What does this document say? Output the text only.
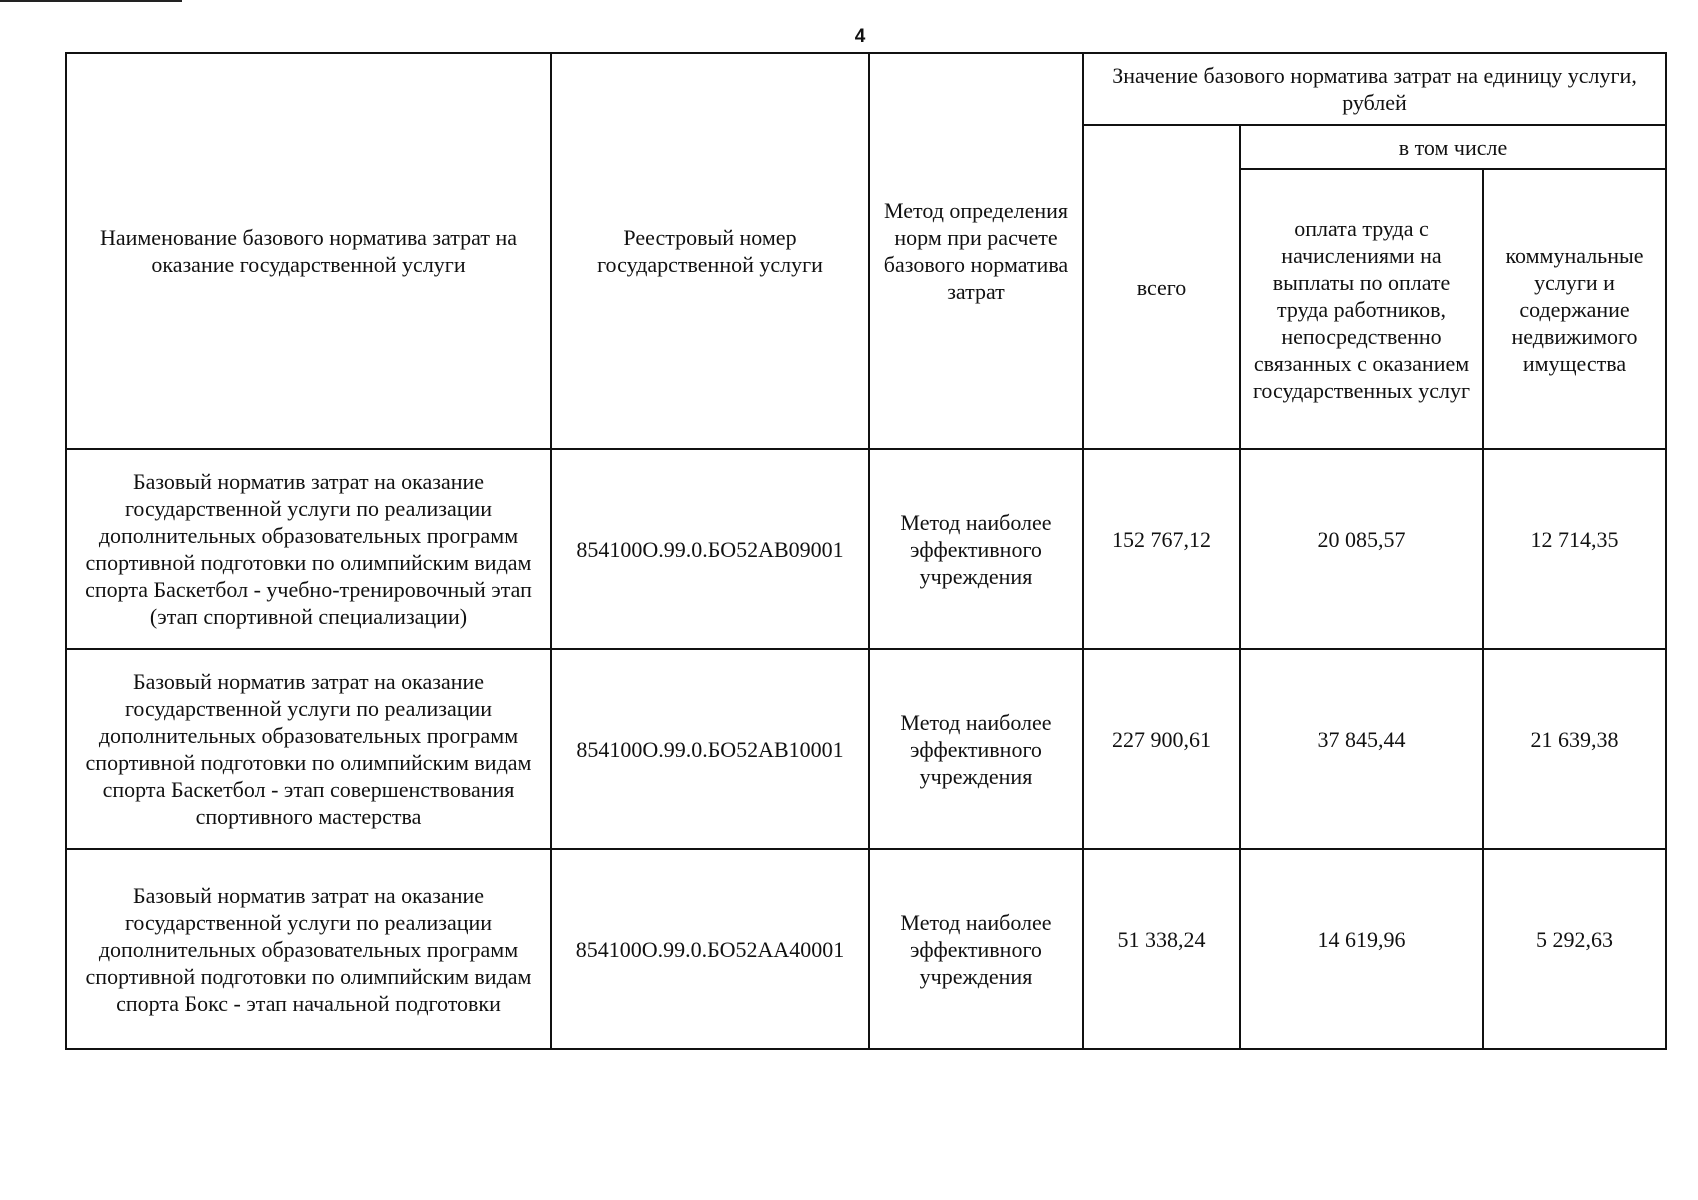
4
Наименование базового норматива затрат на оказание государственной услуги	Реестровый номер государственной услуги	Метод определения норм при расчете базового норматива затрат	Значение базового норматива затрат на единицу услуги, рублей		
			всего	в том числе	
				оплата труда с начислениями на выплаты по оплате труда работников, непосредственно связанных с оказанием государственных услуг	коммунальные услуги и содержание недвижимого имущества
Базовый норматив затрат на оказание государственной услуги по реализации дополнительных образовательных программ спортивной подготовки по олимпийским видам спорта Баскетбол - учебно-тренировочный этап (этап спортивной специализации)	854100О.99.0.БО52АВ09001	Метод наиболее эффективного учреждения	152 767,12	20 085,57	12 714,35

Базовый норматив затрат на оказание государственной услуги по реализации дополнительных образовательных программ спортивной подготовки по олимпийским видам спорта Баскетбол - этап совершенствования спортивного мастерства	854100О.99.0.БО52АВ10001	Метод наиболее эффективного учреждения	227 900,61	37 845,44	21 639,38

Базовый норматив затрат на оказание государственной услуги по реализации дополнительных образовательных программ спортивной подготовки по олимпийским видам спорта Бокс - этап начальной подготовки	854100О.99.0.БО52АА40001	Метод наиболее эффективного учреждения	51 338,24	14 619,96	5 292,63
